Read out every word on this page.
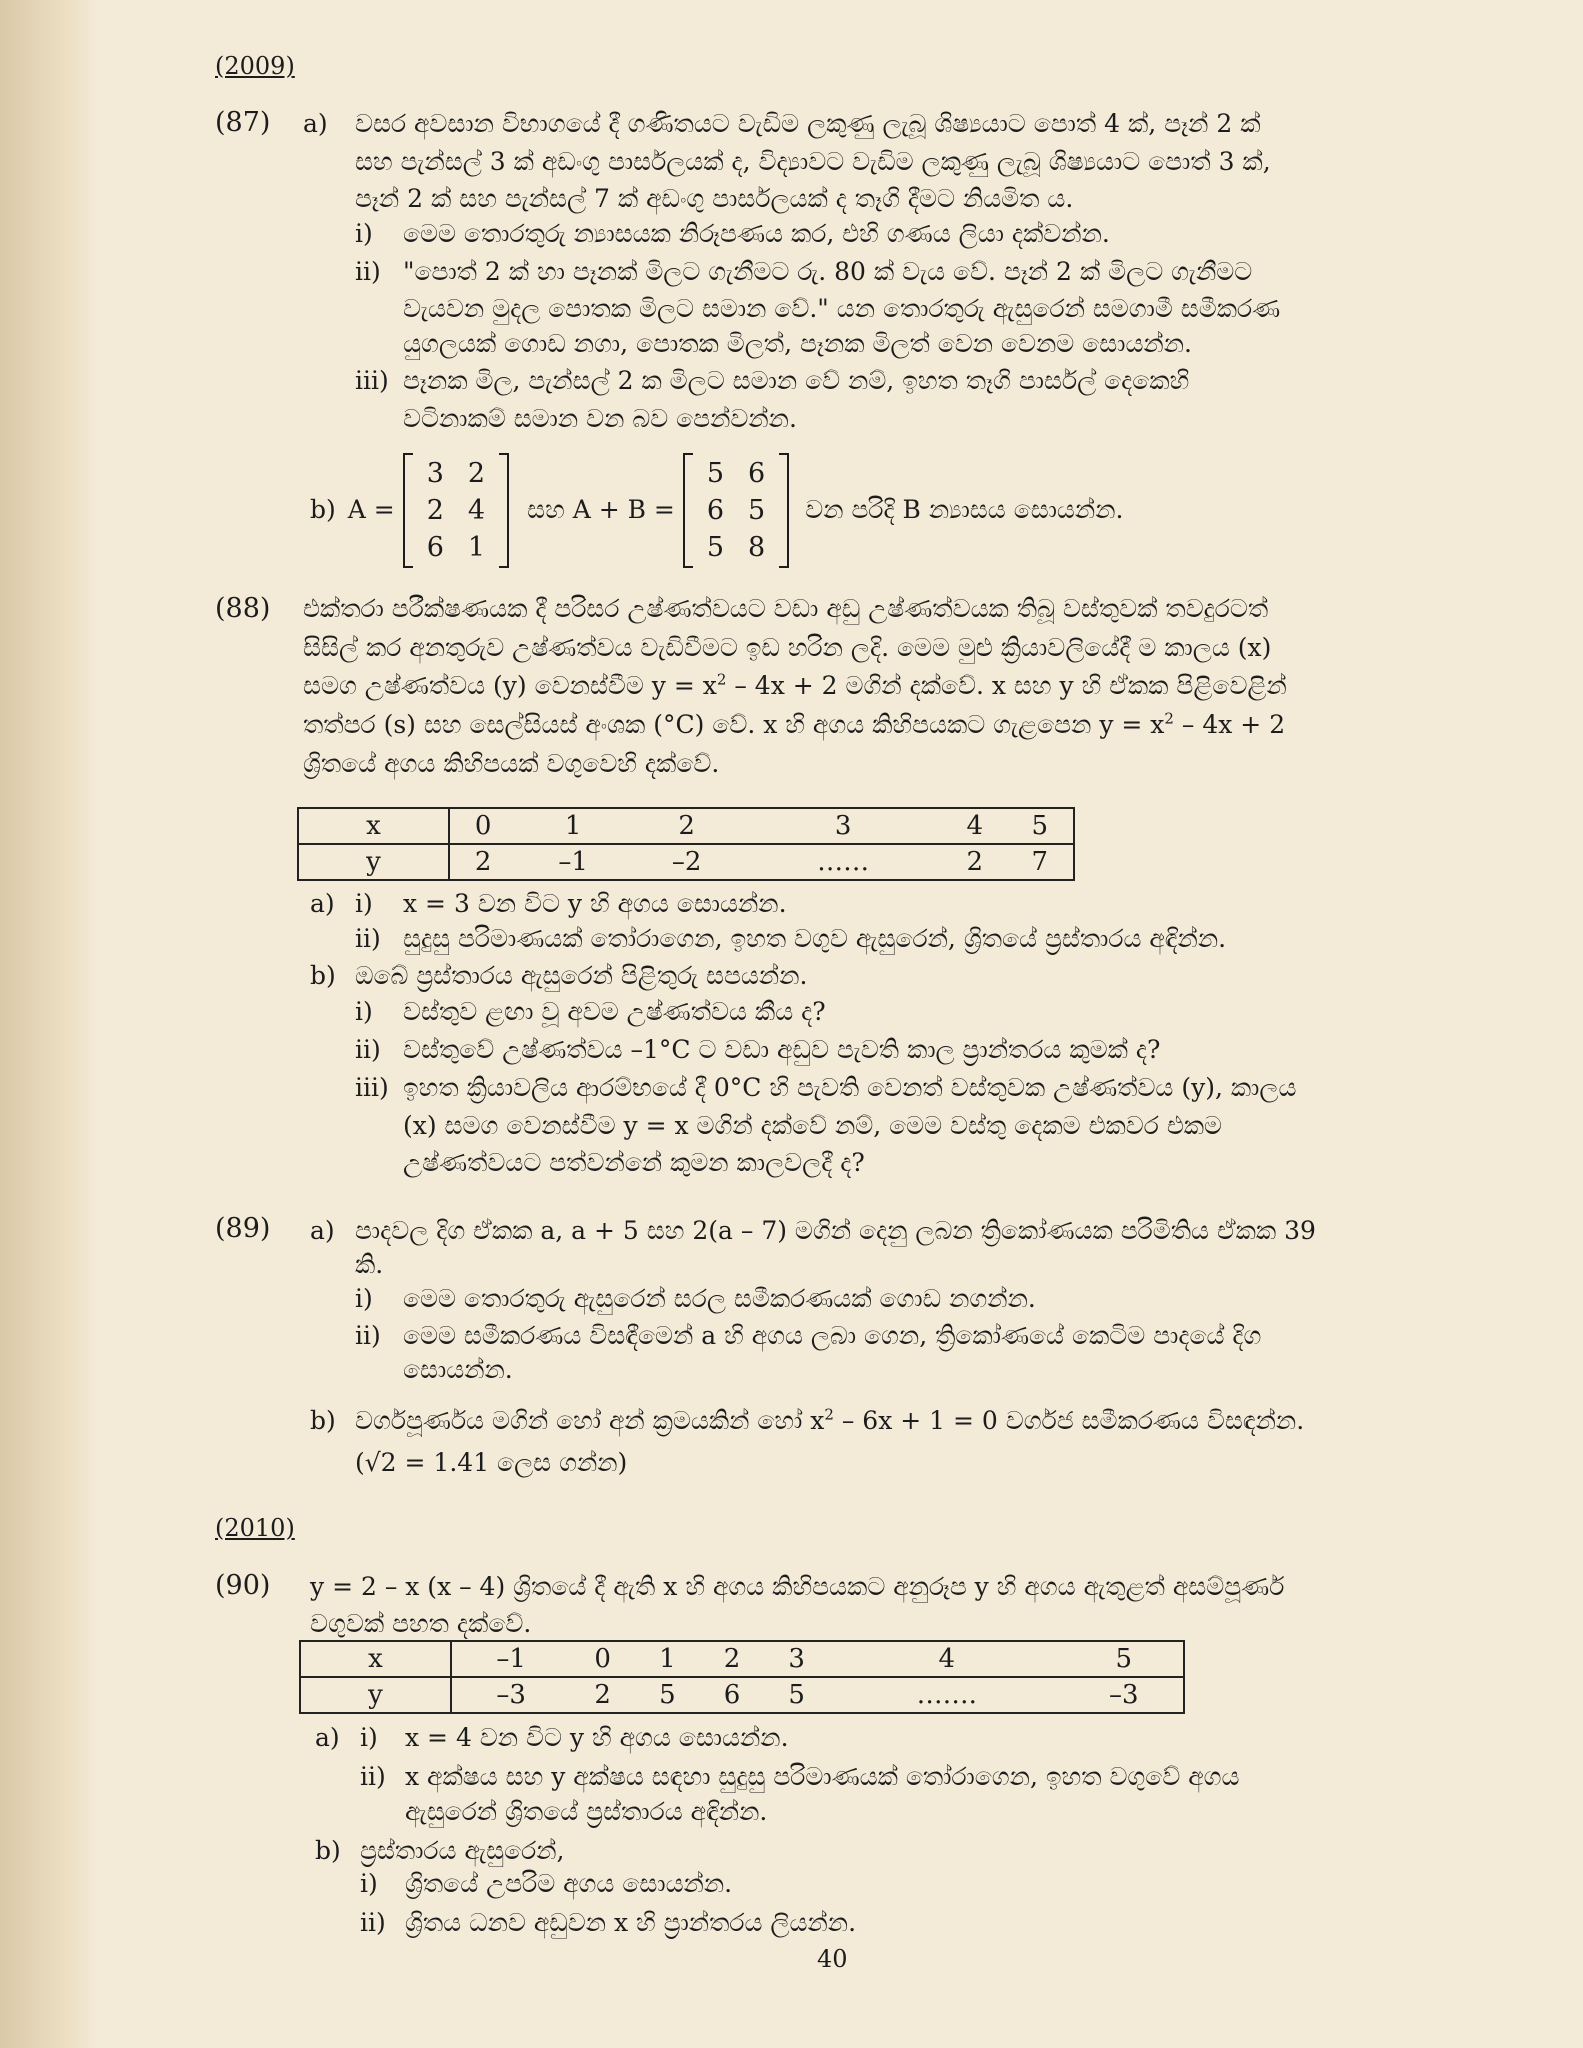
(2009)
(87) a) වසර අවසාන විභාගයේ දී ගණිතයට වැඩිම ලකුණු ලැබූ ශිෂ්‍යයාට පොත් 4 ක්, පෑන් 2 ක්
සහ පැන්සල් 3 ක් අඩංගු පාර්සලයක් ද, විද්‍යාවට වැඩිම ලකුණු ලැබූ ශිෂ්‍යයාට පොත් 3 ක්,
පෑන් 2 ක් සහ පැන්සල් 7 ක් අඩංගු පාර්සලයක් ද තෑගි දීමට නියමිත ය.
i) මෙම තොරතුරු න්‍යාසයක නිරූපණය කර, එහි ගණය ලියා දක්වන්න.
ii) "පොත් 2 ක් හා පෑනක් මිලට ගැනීමට රු. 80 ක් වැය වේ. පෑන් 2 ක් මිලට ගැනීමට
වැයවන මුදල පොතක මිලට සමාන වේ." යන තොරතුරු ඇසුරෙන් සමගාමී සමීකරණ
යුගලයක් ගොඩ නගා, පොතක මිලත්, පෑනක මිලත් වෙන වෙනම සොයන්න.
iii) පෑනක මිල, පැන්සල් 2 ක මිලට සමාන වේ නම්, ඉහත තෑගි පාර්සල් දෙකෙහි
වටිනාකම් සමාන වන බව පෙන්වන්න.
b) A =
3	2
2	4
6	1
සහ A + B =
5	6
6	5
5	8
වන පරිදි B න්‍යාසය සොයන්න.
(88) එක්තරා පරීක්ෂණයක දී පරිසර උෂ්ණත්වයට වඩා අඩු උෂ්ණත්වයක තිබූ වස්තුවක් තවදුරටත්
සිසිල් කර අනතුරුව උෂ්ණත්වය වැඩිවීමට ඉඩ හරින ලදි. මෙම මුළු ක්‍රියාවලියේදී ම කාලය (x)
සමග උෂ්ණත්වය (y) වෙනස්වීම $y = x^2 - 4x + 2$ මගින් දක්වේ. x සහ y හි ඒකක පිළිවෙළින්
තත්පර (s) සහ සෙල්සියස් අංශක (°C) වේ. x හි අගය කිහිපයකට ගැළපෙන $y = x^2 - 4x + 2$
ශ්‍රිතයේ අගය කිහිපයක් වගුවෙහි දක්වේ.
x	0	1	2	3	4	5
y	2	–1	–2	……	2	7
a) i) x = 3 වන විට y හි අගය සොයන්න.
ii) සුදුසු පරිමාණයක් තෝරාගෙන, ඉහත වගුව ඇසුරෙන්, ශ්‍රිතයේ ප්‍රස්තාරය අඳින්න.
b) ඔබේ ප්‍රස්තාරය ඇසුරෙන් පිළිතුරු සපයන්න.
i) වස්තුව ළඟා වූ අවම උෂ්ණත්වය කීය ද?
ii) වස්තුවේ උෂ්ණත්වය –1°C ට වඩා අඩුව පැවති කාල ප්‍රාන්තරය කුමක් ද?
iii) ඉහත ක්‍රියාවලිය ආරම්භයේ දී 0°C හි පැවති වෙනත් වස්තුවක උෂ්ණත්වය (y), කාලය
(x) සමග වෙනස්වීම y = x මගින් දක්වේ නම්, මෙම වස්තු දෙකම එකවර එකම
උෂ්ණත්වයට පත්වන්නේ කුමන කාලවලදී ද?
(89) a) පාදවල දිග ඒකක a, a + 5 සහ 2(a – 7) මගින් දෙනු ලබන ත්‍රිකෝණයක පරිමිතිය ඒකක 39
කි.
i) මෙම තොරතුරු ඇසුරෙන් සරල සමීකරණයක් ගොඩ නගන්න.
ii) මෙම සමීකරණය විසඳීමෙන් a හි අගය ලබා ගෙන, ත්‍රිකෝණයේ කෙටිම පාදයේ දිග
සොයන්න.
b) වර්ගපූර්ණය මගින් හෝ අන් ක්‍රමයකින් හෝ $x^2 - 6x + 1 = 0$ වර්ගජ සමීකරණය විසඳන්න.
(√2 = 1.41 ලෙස ගන්න)
(2010)
(90) y = 2 – x (x – 4) ශ්‍රිතයේ දී ඇති x හි අගය කිහිපයකට අනුරූප y හි අගය ඇතුළත් අසම්පූර්ණ
වගුවක් පහත දක්වේ.
x	–1	0	1	2	3	4	5
y	–3	2	5	6	5	…….	–3
a) i) x = 4 වන විට y හි අගය සොයන්න.
ii) x අක්ෂය සහ y අක්ෂය සඳහා සුදුසු පරිමාණයක් තෝරාගෙන, ඉහත වගුවේ අගය
ඇසුරෙන් ශ්‍රිතයේ ප්‍රස්තාරය අඳින්න.
b) ප්‍රස්තාරය ඇසුරෙන්,
i) ශ්‍රිතයේ උපරිම අගය සොයන්න.
ii) ශ්‍රිතය ධනව අඩුවන x හි ප්‍රාන්තරය ලියන්න.
40
